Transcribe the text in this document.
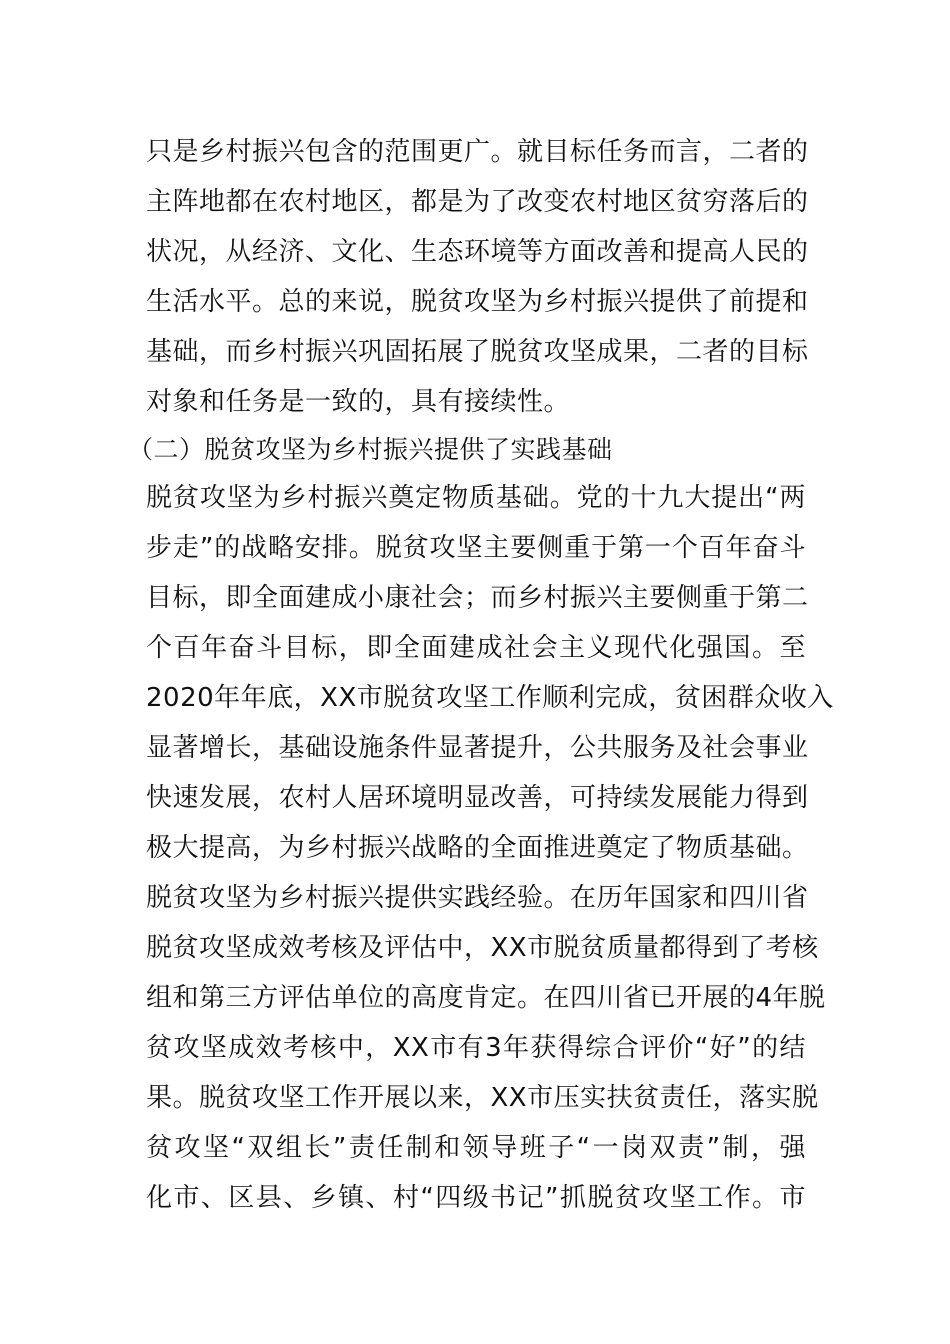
只是乡村振兴包含的范围更广。就目标任务而言，二者的
主阵地都在农村地区，都是为了改变农村地区贫穷落后的
状况，从经济、文化、生态环境等方面改善和提高人民的
生活水平。总的来说，脱贫攻坚为乡村振兴提供了前提和
基础，而乡村振兴巩固拓展了脱贫攻坚成果，二者的目标
对象和任务是一致的，具有接续性。
（二）脱贫攻坚为乡村振兴提供了实践基础
脱贫攻坚为乡村振兴奠定物质基础。党的十九大提出“两
步走”的战略安排。脱贫攻坚主要侧重于第一个百年奋斗
目标，即全面建成小康社会；而乡村振兴主要侧重于第二
个百年奋斗目标，即全面建成社会主义现代化强国。至
2020年年底，XX市脱贫攻坚工作顺利完成，贫困群众收入
显著增长，基础设施条件显著提升，公共服务及社会事业
快速发展，农村人居环境明显改善，可持续发展能力得到
极大提高，为乡村振兴战略的全面推进奠定了物质基础。
脱贫攻坚为乡村振兴提供实践经验。在历年国家和四川省
脱贫攻坚成效考核及评估中，XX市脱贫质量都得到了考核
组和第三方评估单位的高度肯定。在四川省已开展的4年脱
贫攻坚成效考核中，XX市有3年获得综合评价“好”的结
果。脱贫攻坚工作开展以来，XX市压实扶贫责任，落实脱
贫攻坚“双组长”责任制和领导班子“一岗双责”制，强
化市、区县、乡镇、村“四级书记”抓脱贫攻坚工作。市
